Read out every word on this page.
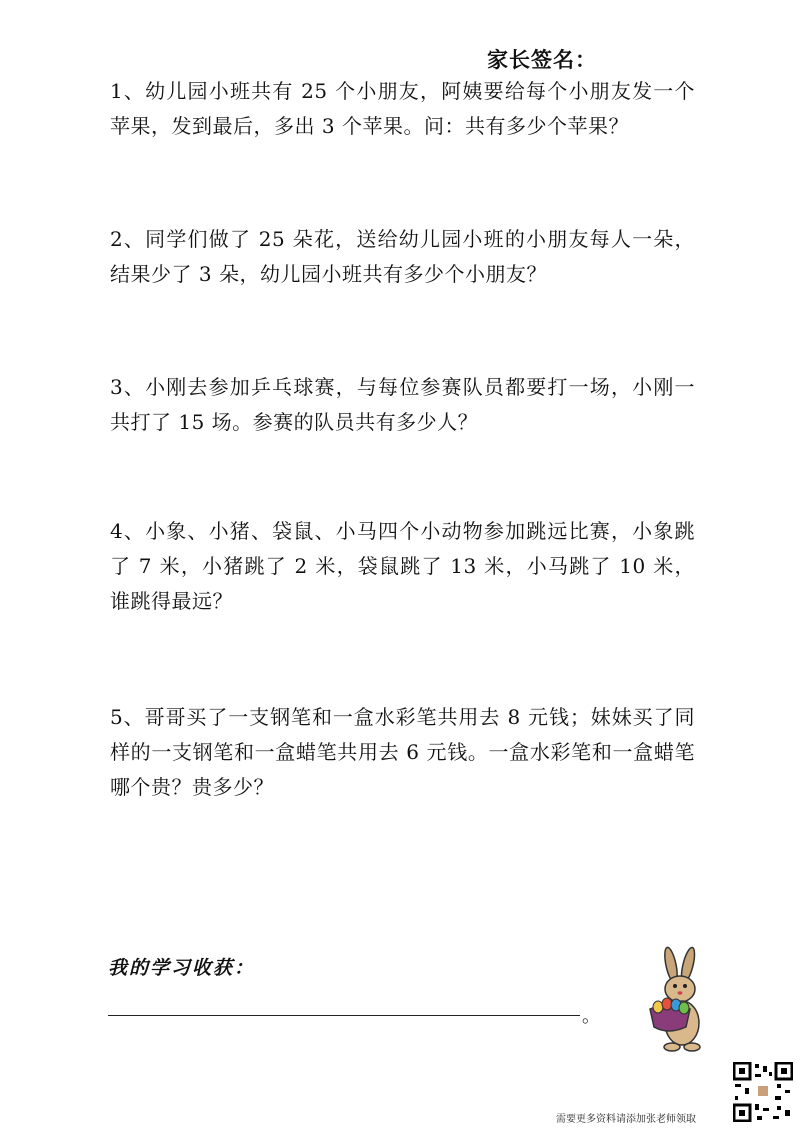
家长签名：
1、幼儿园小班共有 25 个小朋友，阿姨要给每个小朋友发一个苹果，发到最后，多出 3 个苹果。问：共有多少个苹果？
2、同学们做了 25 朵花，送给幼儿园小班的小朋友每人一朵，结果少了 3 朵，幼儿园小班共有多少个小朋友？
3、小刚去参加乒乓球赛，与每位参赛队员都要打一场，小刚一共打了 15 场。参赛的队员共有多少人？
4、小象、小猪、袋鼠、小马四个小动物参加跳远比赛，小象跳了 7 米，小猪跳了 2 米，袋鼠跳了 13 米，小马跳了 10 米，谁跳得最远？
5、哥哥买了一支钢笔和一盒水彩笔共用去 8 元钱；妹妹买了同样的一支钢笔和一盒蜡笔共用去 6 元钱。一盒水彩笔和一盒蜡笔哪个贵？贵多少？
我的学习收获：
。
需要更多资料请添加张老师领取
